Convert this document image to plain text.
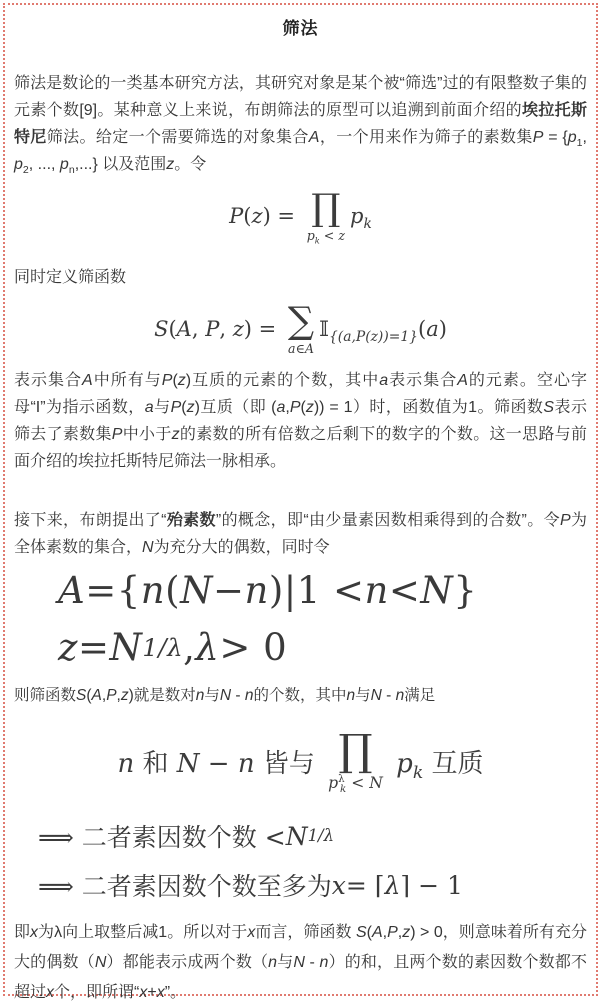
筛法

筛法是数论的一类基本研究方法，其研究对象是某个被“筛选”过的有限整数子集的元素个数[9]。某种意义上来说，布朗筛法的原型可以追溯到前面介绍的埃拉托斯特尼筛法。给定一个需要筛选的对象集合A，一个用来作为筛子的素数集$P = \{p_1$, $p_2$, ..., $p_n$,...} 以及范围z。令

P(z) = ∏
$p_k < z$
$p_k$

同时定义筛函数

S(A, P, z) = ∑
a∈A
𝕀$_{\{(a,P(z))=1\}}$(a)

表示集合A中所有与P(z)互质的元素的个数，其中a表示集合A的元素。空心字母“I”为指示函数，a与P(z)互质（即 (a,P(z)) = 1）时，函数值为1。筛函数S表示筛去了素数集P中小于z的素数的所有倍数之后剩下的数字的个数。这一思路与前面介绍的埃拉托斯特尼筛法一脉相承。

接下来，布朗提出了“殆素数”的概念，即“由少量素因数相乘得到的合数”。令P为全体素数的集合，N为充分大的偶数，同时令

A = { n ( N − n )|1 < n < N }
z = N 1/λ , λ > 0

则筛函数S(A,P,z)就是数对n与N - n的个数，其中n与N - n满足

n 和 N − n 皆与 ∏
$p^\lambda_k < N$
$p_k$ 互质
⟹ 二者素因数个数 < N 1/λ
⟹ 二者素因数个数至多为 x = ⌈ λ ⌉ − 1

即x为λ向上取整后减1。所以对于x而言，筛函数 S(A,P,z) > 0，则意味着所有充分大的偶数（N）都能表示成两个数（n与N - n）的和，且两个数的素因数个数都不超过x个，即所谓“x+x”。
